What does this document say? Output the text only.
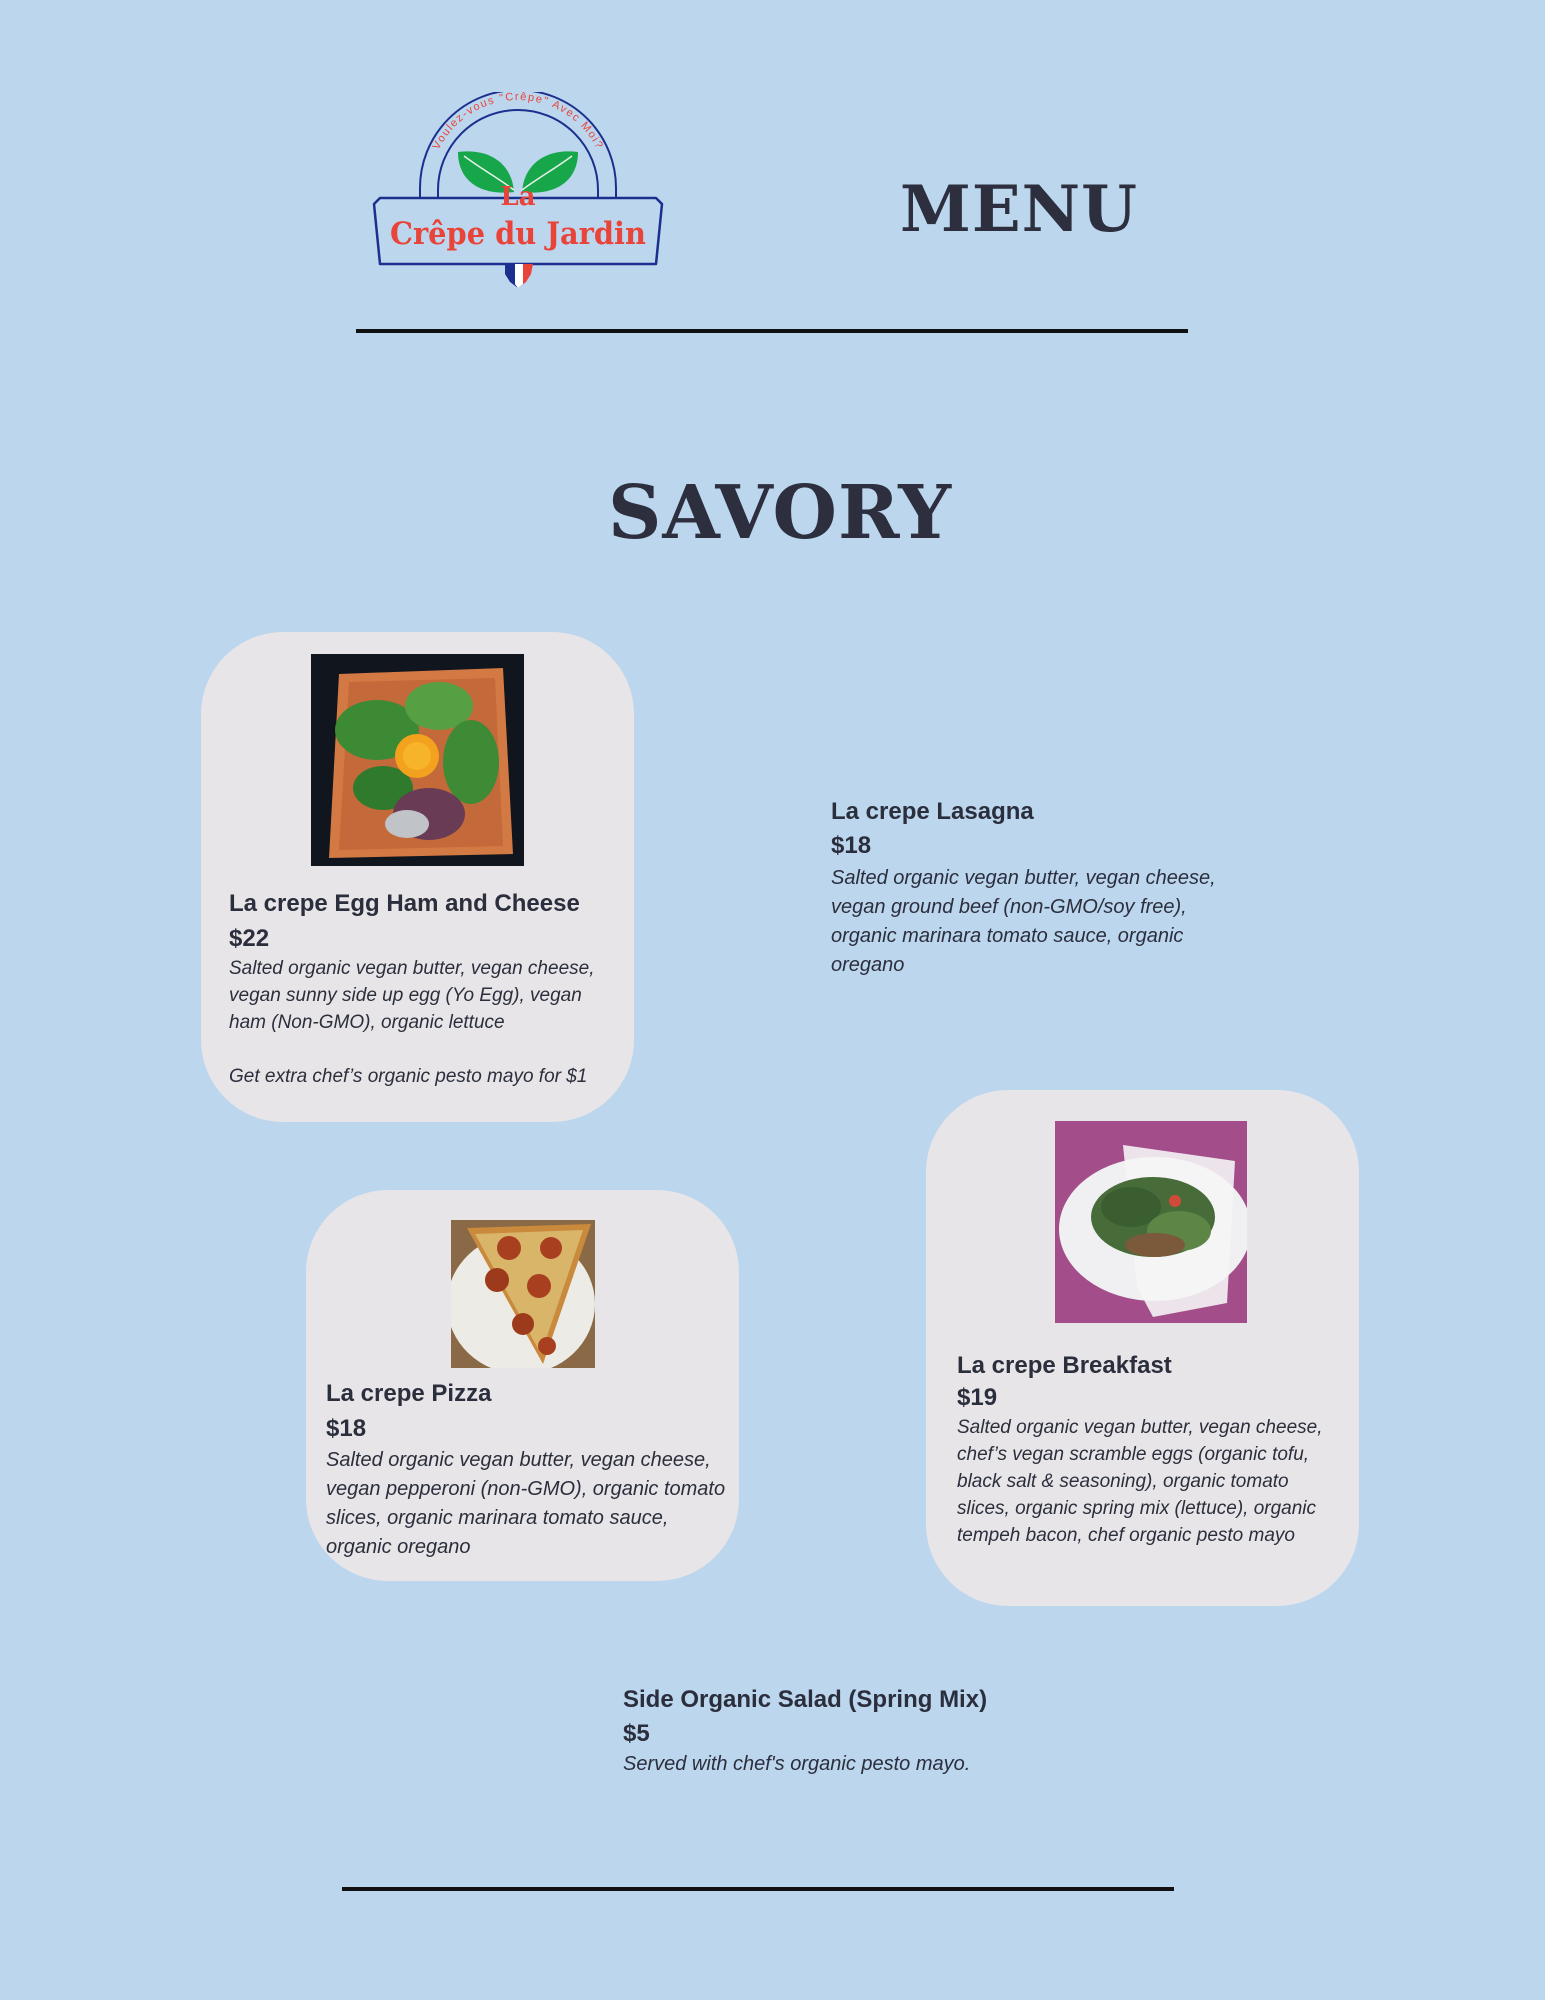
Voulez-vous "Crêpe" Avec Moi?
La
Crêpe du Jardin	MENU
SAVORY
La crepe Egg Ham and Cheese
$22
Salted organic vegan butter, vegan cheese, vegan sunny side up egg (Yo Egg), vegan ham (Non-GMO), organic lettuce
Get extra chef’s organic pesto mayo for $1
La crepe Lasagna
$18
Salted organic vegan butter, vegan cheese, vegan ground beef (non-GMO/soy free), organic marinara tomato sauce, organic oregano
La crepe Pizza
$18
Salted organic vegan butter, vegan cheese, vegan pepperoni (non-GMO), organic tomato slices, organic marinara tomato sauce, organic oregano
La crepe Breakfast
$19
Salted organic vegan butter, vegan cheese, chef’s vegan scramble eggs (organic tofu, black salt & seasoning), organic tomato slices, organic spring mix (lettuce), organic tempeh bacon, chef organic pesto mayo
Side Organic Salad (Spring Mix)
$5
Served with chef's organic pesto mayo.
